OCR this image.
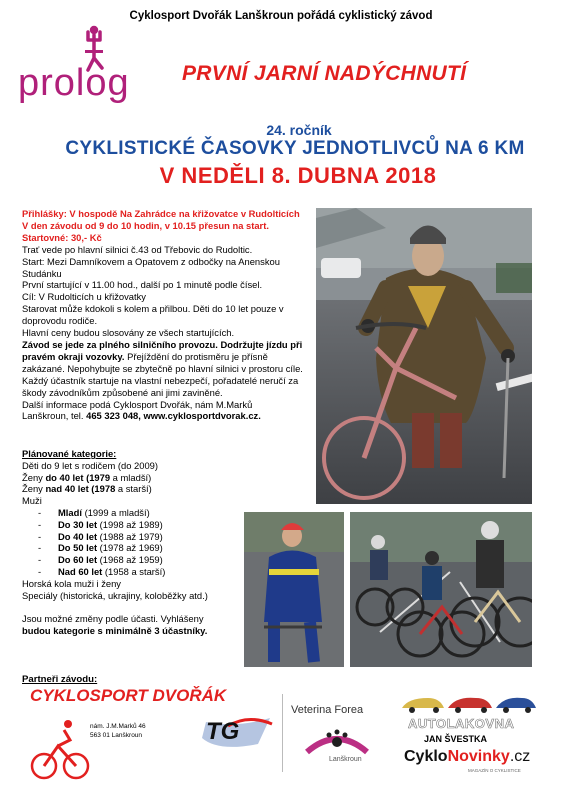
Cyklosport Dvořák Lanškroun pořádá cyklistický závod
prolog PRVNÍ JARNÍ NADÝCHNUTÍ
24. ročník
CYKLISTICKÉ ČASOVKY JEDNOTLIVCŮ NA 6 KM
V NEDĚLI 8. DUBNA 2018

Přihlášky: V hospodě Na Zahrádce na křižovatce v Rudolticích

V den závodu od 9 do 10 hodin, v 10.15 přesun na start.

Startovné: 30,- Kč

Trať vede po hlavní silnici č.43 od Třebovic do Rudoltic.

Start: Mezi Damníkovem a Opatovem z odbočky na Anenskou Studánku

První startující v 11.00 hod., další po 1 minutě podle čísel.

Cíl: V Rudolticích u křižovatky

Starovat může kdokoli s kolem a přilbou. Děti do 10 let pouze v doprovodu rodiče.

Hlavní ceny budou slosovány ze všech startujících.

Závod se jede za plného silničního provozu. Dodržujte jízdu při pravém okraji vozovky. Přejíždění do protisměru je přísně zakázané. Nepohybujte se zbytečně po hlavní silnici v prostoru cíle. Každý účastník startuje na vlastní nebezpečí, pořadatelé neručí za škody závodníkům způsobené ani jimi zaviněné.

Další informace podá Cyklosport Dvořák, nám M.Marků

Lanškroun, tel. 465 323 048, www.cyklosportdvorak.cz.

Plánované kategorie:

Děti do 9 let s rodičem (do 2009)

Ženy do 40 let (1979 a mladší)

Ženy nad 40 let (1978 a starší)

Muži

- Mladí (1999 a mladší)

- Do 30 let (1998 až 1989)

- Do 40 let (1988 až 1979)

- Do 50 let (1978 až 1969)

- Do 60 let (1968 až 1959)

- Nad 60 let (1958 a starší)

Horská kola muži i ženy

Speciály (historická, ukrajiny, koloběžky atd.)

Jsou možné změny podle účasti. Vyhlášeny

budou kategorie s minimálně 3 účastníky.

Partneři závodu:
CYKLOSPORT DVOŘÁK
nám. J.M.Marků 46
563 01 Lanškroun	TG
Veterina Forea
Lanškroun
AUTOLAKOVNA
JAN ŠVESTKA
CykloNovinky.cz
MAGAZÍN O CYKLISTICE
